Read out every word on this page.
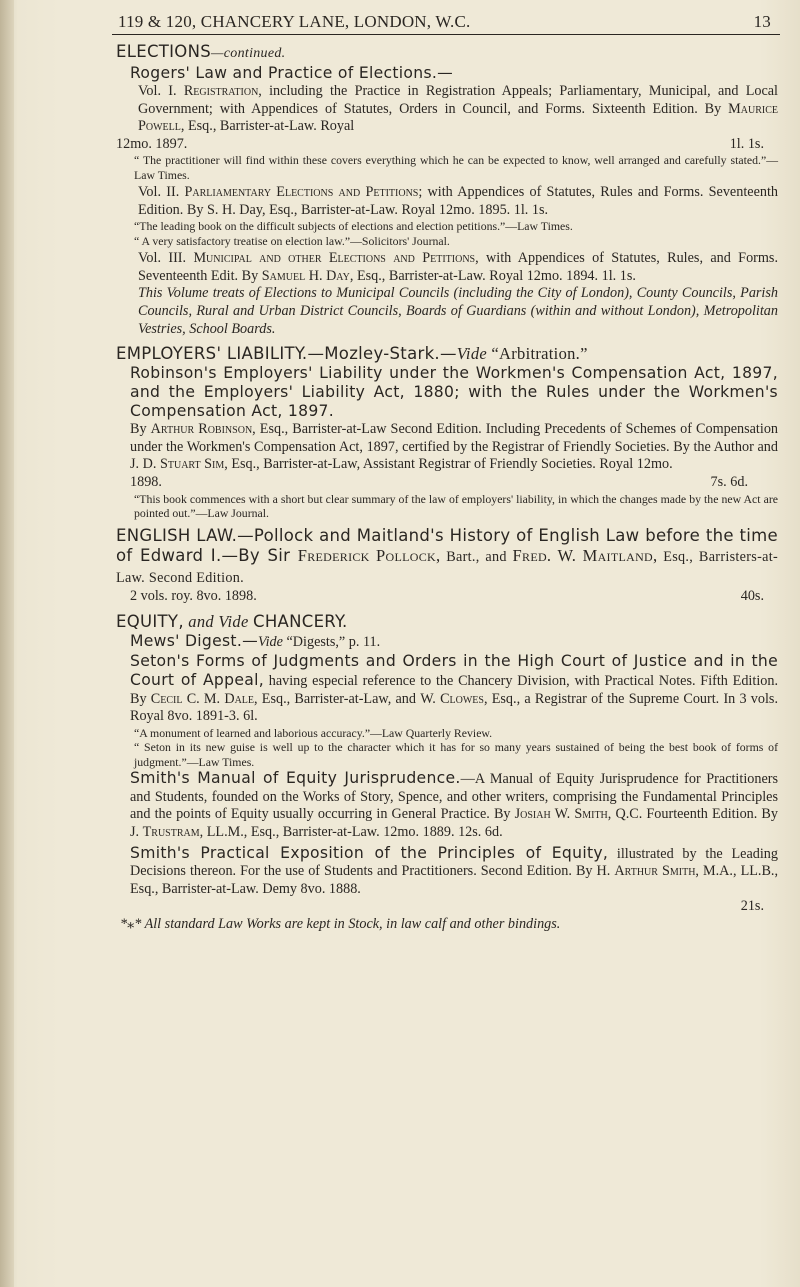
119 & 120, CHANCERY LANE, LONDON, W.C.	13

ELECTIONS—continued.

Rogers' Law and Practice of Elections.—

Vol. I. Registration, including the Practice in Registration Appeals; Parliamentary, Municipal, and Local Government; with Appendices of Statutes, Orders in Council, and Forms. Sixteenth Edition. By Maurice Powell, Esq., Barrister-at-Law. Royal

12mo. 1897.	1l. 1s.

“ The practitioner will find within these covers everything which he can be expected to know, well arranged and carefully stated.”—Law Times.

Vol. II. Parliamentary Elections and Petitions; with Appendices of Statutes, Rules and Forms. Seventeenth Edition. By S. H. Day, Esq., Barrister-at-Law. Royal 12mo. 1895. 1l. 1s.

“The leading book on the difficult subjects of elections and election petitions.”—Law Times.

“ A very satisfactory treatise on election law.”—Solicitors' Journal.

Vol. III. Municipal and other Elections and Petitions, with Appendices of Statutes, Rules, and Forms. Seventeenth Edit. By Samuel H. Day, Esq., Barrister-at-Law. Royal 12mo. 1894. 1l. 1s.

This Volume treats of Elections to Municipal Councils (including the City of London), County Councils, Parish Councils, Rural and Urban District Councils, Boards of Guardians (within and without London), Metropolitan Vestries, School Boards.

EMPLOYERS' LIABILITY.—Mozley-Stark.—Vide “Arbitration.”

Robinson's Employers' Liability under the Workmen's Compensation Act, 1897, and the Employers' Liability Act, 1880; with the Rules under the Workmen's Compensation Act, 1897.

By Arthur Robinson, Esq., Barrister-at-Law Second Edition. Including Precedents of Schemes of Compensation under the Workmen's Compensation Act, 1897, certified by the Registrar of Friendly Societies. By the Author and J. D. Stuart Sim, Esq., Barrister-at-Law, Assistant Registrar of Friendly Societies. Royal 12mo.

1898.	7s. 6d.

“This book commences with a short but clear summary of the law of employers' liability, in which the changes made by the new Act are pointed out.”—Law Journal.

ENGLISH LAW.—Pollock and Maitland's History of English Law before the time of Edward I.—By Sir Frederick Pollock, Bart., and Fred. W. Maitland, Esq., Barristers-at-Law. Second Edition.

2 vols. roy. 8vo. 1898.	40s.

EQUITY, and Vide CHANCERY.

Mews' Digest.—Vide “Digests,” p. 11.

Seton's Forms of Judgments and Orders in the High Court of Justice and in the Court of Appeal, having especial reference to the Chancery Division, with Practical Notes. Fifth Edition. By Cecil C. M. Dale, Esq., Barrister-at-Law, and W. Clowes, Esq., a Registrar of the Supreme Court. In 3 vols. Royal 8vo. 1891-3. 6l.

“A monument of learned and laborious accuracy.”—Law Quarterly Review.

“ Seton in its new guise is well up to the character which it has for so many years sustained of being the best book of forms of judgment.”—Law Times.

Smith's Manual of Equity Jurisprudence.—A Manual of Equity Jurisprudence for Practitioners and Students, founded on the Works of Story, Spence, and other writers, comprising the Fundamental Principles and the points of Equity usually occurring in General Practice. By Josiah W. Smith, Q.C. Fourteenth Edition. By J. Trustram, LL.M., Esq., Barrister-at-Law. 12mo. 1889. 12s. 6d.

Smith's Practical Exposition of the Principles of Equity, illustrated by the Leading Decisions thereon. For the use of Students and Practitioners. Second Edition. By H. Arthur Smith, M.A., LL.B., Esq., Barrister-at-Law. Demy 8vo. 1888.

21s.

*⁎* All standard Law Works are kept in Stock, in law calf and other bindings.
